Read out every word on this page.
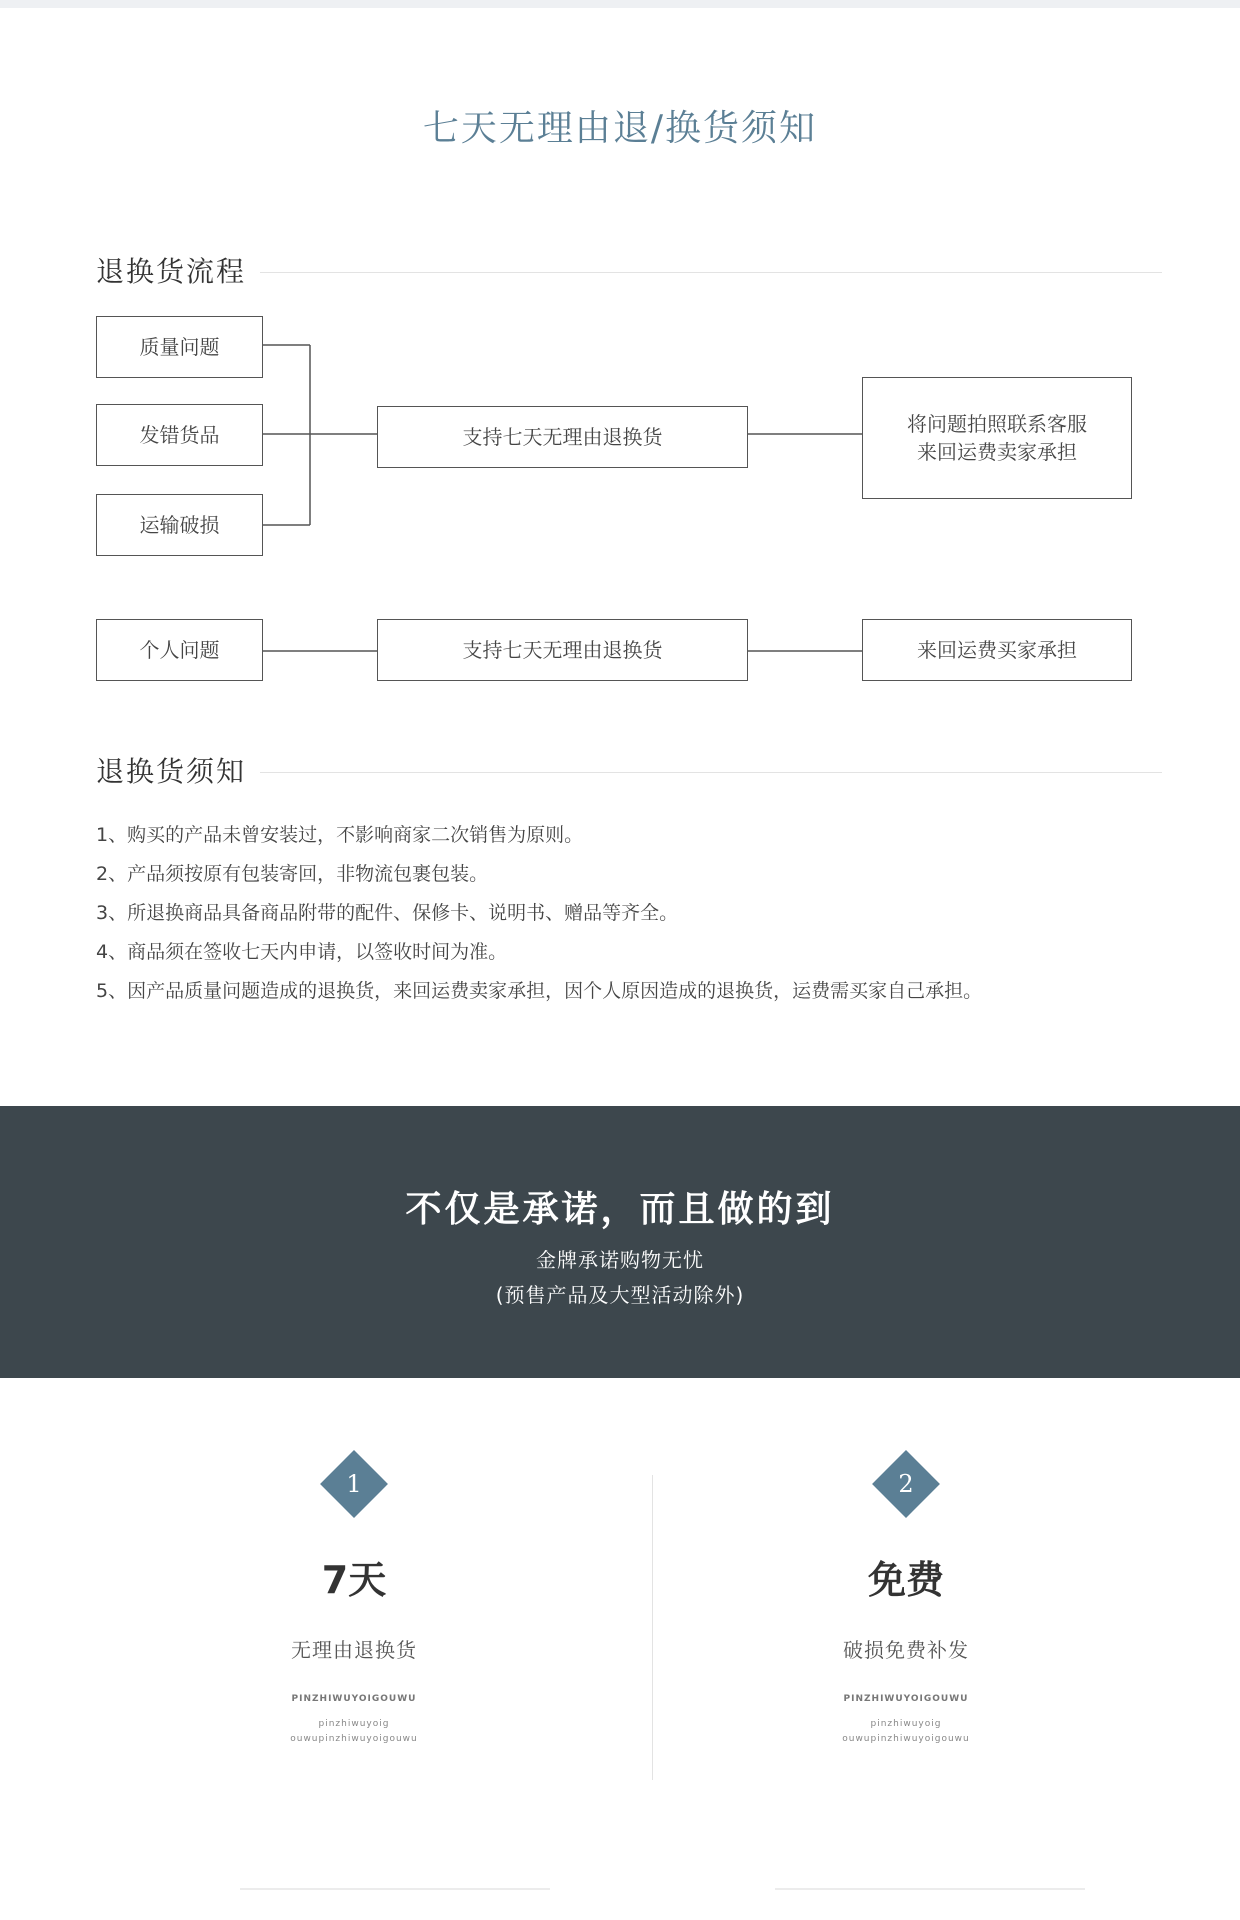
七天无理由退/换货须知
退换货流程
质量问题
发错货品
运输破损
支持七天无理由退换货
将问题拍照联系客服
来回运费卖家承担
个人问题	支持七天无理由退换货	来回运费买家承担
退换货须知
1、购买的产品未曾安装过，不影响商家二次销售为原则。
2、产品须按原有包装寄回，非物流包裹包装。
3、所退换商品具备商品附带的配件、保修卡、说明书、赠品等齐全。
4、商品须在签收七天内申请，以签收时间为准。
5、因产品质量问题造成的退换货，来回运费卖家承担，因个人原因造成的退换货，运费需买家自己承担。
不仅是承诺，而且做的到
金牌承诺购物无忧
(预售产品及大型活动除外)
1
7天
无理由退换货
PINZHIWUYOIGOUWU
pinzhiwuyoig
ouwupinzhiwuyoigouwu
2
免费
破损免费补发
PINZHIWUYOIGOUWU
pinzhiwuyoig
ouwupinzhiwuyoigouwu
